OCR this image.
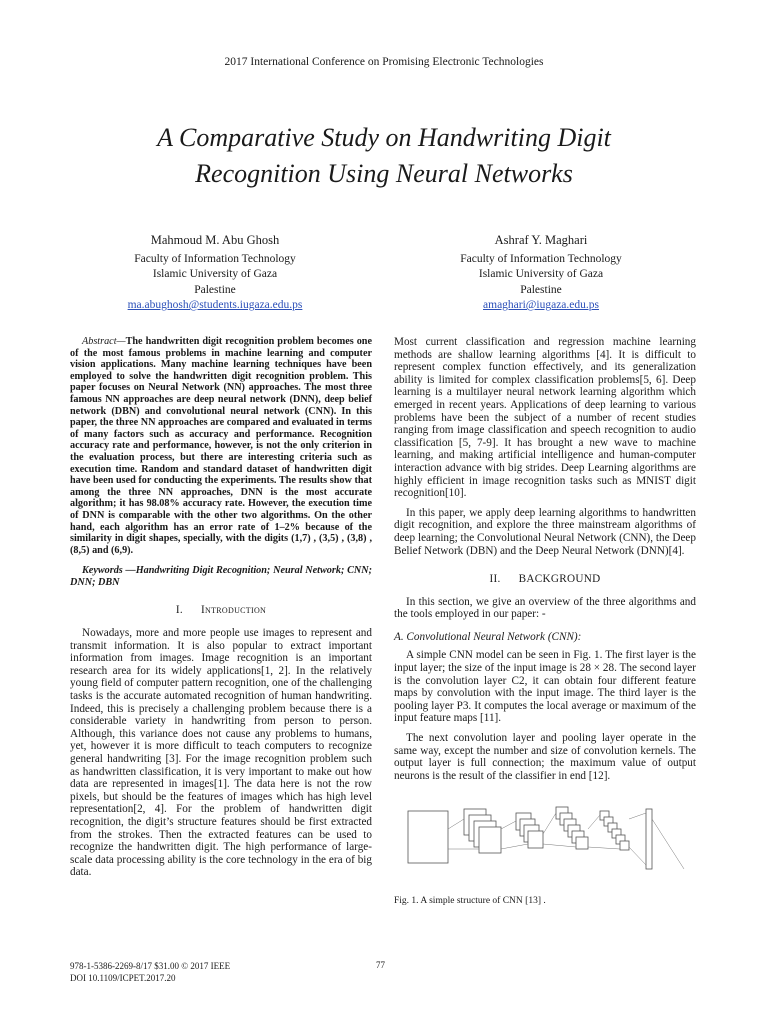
2017 International Conference on Promising Electronic Technologies
A Comparative Study on Handwriting Digit
Recognition Using Neural Networks
Mahmoud M. Abu Ghosh
Faculty of Information Technology
Islamic University of Gaza
Palestine
ma.abughosh@students.iugaza.edu.ps
Ashraf Y. Maghari
Faculty of Information Technology
Islamic University of Gaza
Palestine
amaghari@iugaza.edu.ps

Abstract—The handwritten digit recognition problem becomes one of the most famous problems in machine learning and computer vision applications. Many machine learning techniques have been employed to solve the handwritten digit recognition problem. This paper focuses on Neural Network (NN) approaches. The most three famous NN approaches are deep neural network (DNN), deep belief network (DBN) and convolutional neural network (CNN). In this paper, the three NN approaches are compared and evaluated in terms of many factors such as accuracy and performance. Recognition accuracy rate and performance, however, is not the only criterion in the evaluation process, but there are interesting criteria such as execution time. Random and standard dataset of handwritten digit have been used for conducting the experiments. The results show that among the three NN approaches, DNN is the most accurate algorithm; it has 98.08% accuracy rate. However, the execution time of DNN is comparable with the other two algorithms. On the other hand, each algorithm has an error rate of 1–2% because of the similarity in digit shapes, specially, with the digits (1,7) , (3,5) , (3,8) , (8,5) and (6,9).

Keywords —Handwriting Digit Recognition; Neural Network; CNN; DNN; DBN

I. Introduction

Nowadays, more and more people use images to represent and transmit information. It is also popular to extract important information from images. Image recognition is an important research area for its widely applications[1, 2]. In the relatively young field of computer pattern recognition, one of the challenging tasks is the accurate automated recognition of human handwriting. Indeed, this is precisely a challenging problem because there is a considerable variety in handwriting from person to person. Although, this variance does not cause any problems to humans, yet, however it is more difficult to teach computers to recognize general handwriting [3]. For the image recognition problem such as handwritten classification, it is very important to make out how data are represented in images[1]. The data here is not the row pixels, but should be the features of images which has high level representation[2, 4]. For the problem of handwritten digit recognition, the digit’s structure features should be first extracted from the strokes. Then the extracted features can be used to recognize the handwritten digit. The high performance of large-scale data processing ability is the core technology in the era of big data.

Most current classification and regression machine learning methods are shallow learning algorithms [4]. It is difficult to represent complex function effectively, and its generalization ability is limited for complex classification problems[5, 6]. Deep learning is a multilayer neural network learning algorithm which emerged in recent years. Applications of deep learning to various problems have been the subject of a number of recent studies ranging from image classification and speech recognition to audio classification [5, 7-9]. It has brought a new wave to machine learning, and making artificial intelligence and human-computer interaction advance with big strides. Deep Learning algorithms are highly efficient in image recognition tasks such as MNIST digit recognition[10].

In this paper, we apply deep learning algorithms to handwritten digit recognition, and explore the three mainstream algorithms of deep learning; the Convolutional Neural Network (CNN), the Deep Belief Network (DBN) and the Deep Neural Network (DNN)[4].

II. BACKGROUND

In this section, we give an overview of the three algorithms and the tools employed in our paper: -

A. Convolutional Neural Network (CNN):

A simple CNN model can be seen in Fig. 1. The first layer is the input layer; the size of the input image is 28 × 28. The second layer is the convolution layer C2, it can obtain four different feature maps by convolution with the input image. The third layer is the pooling layer P3. It computes the local average or maximum of the input feature maps [11].

The next convolution layer and pooling layer operate in the same way, except the number and size of convolution kernels. The output layer is full connection; the maximum value of output neurons is the result of the classifier in end [12].

Fig. 1. A simple structure of CNN [13] .
978-1-5386-2269-8/17 $31.00 © 2017 IEEE
DOI 10.1109/ICPET.2017.20
77
